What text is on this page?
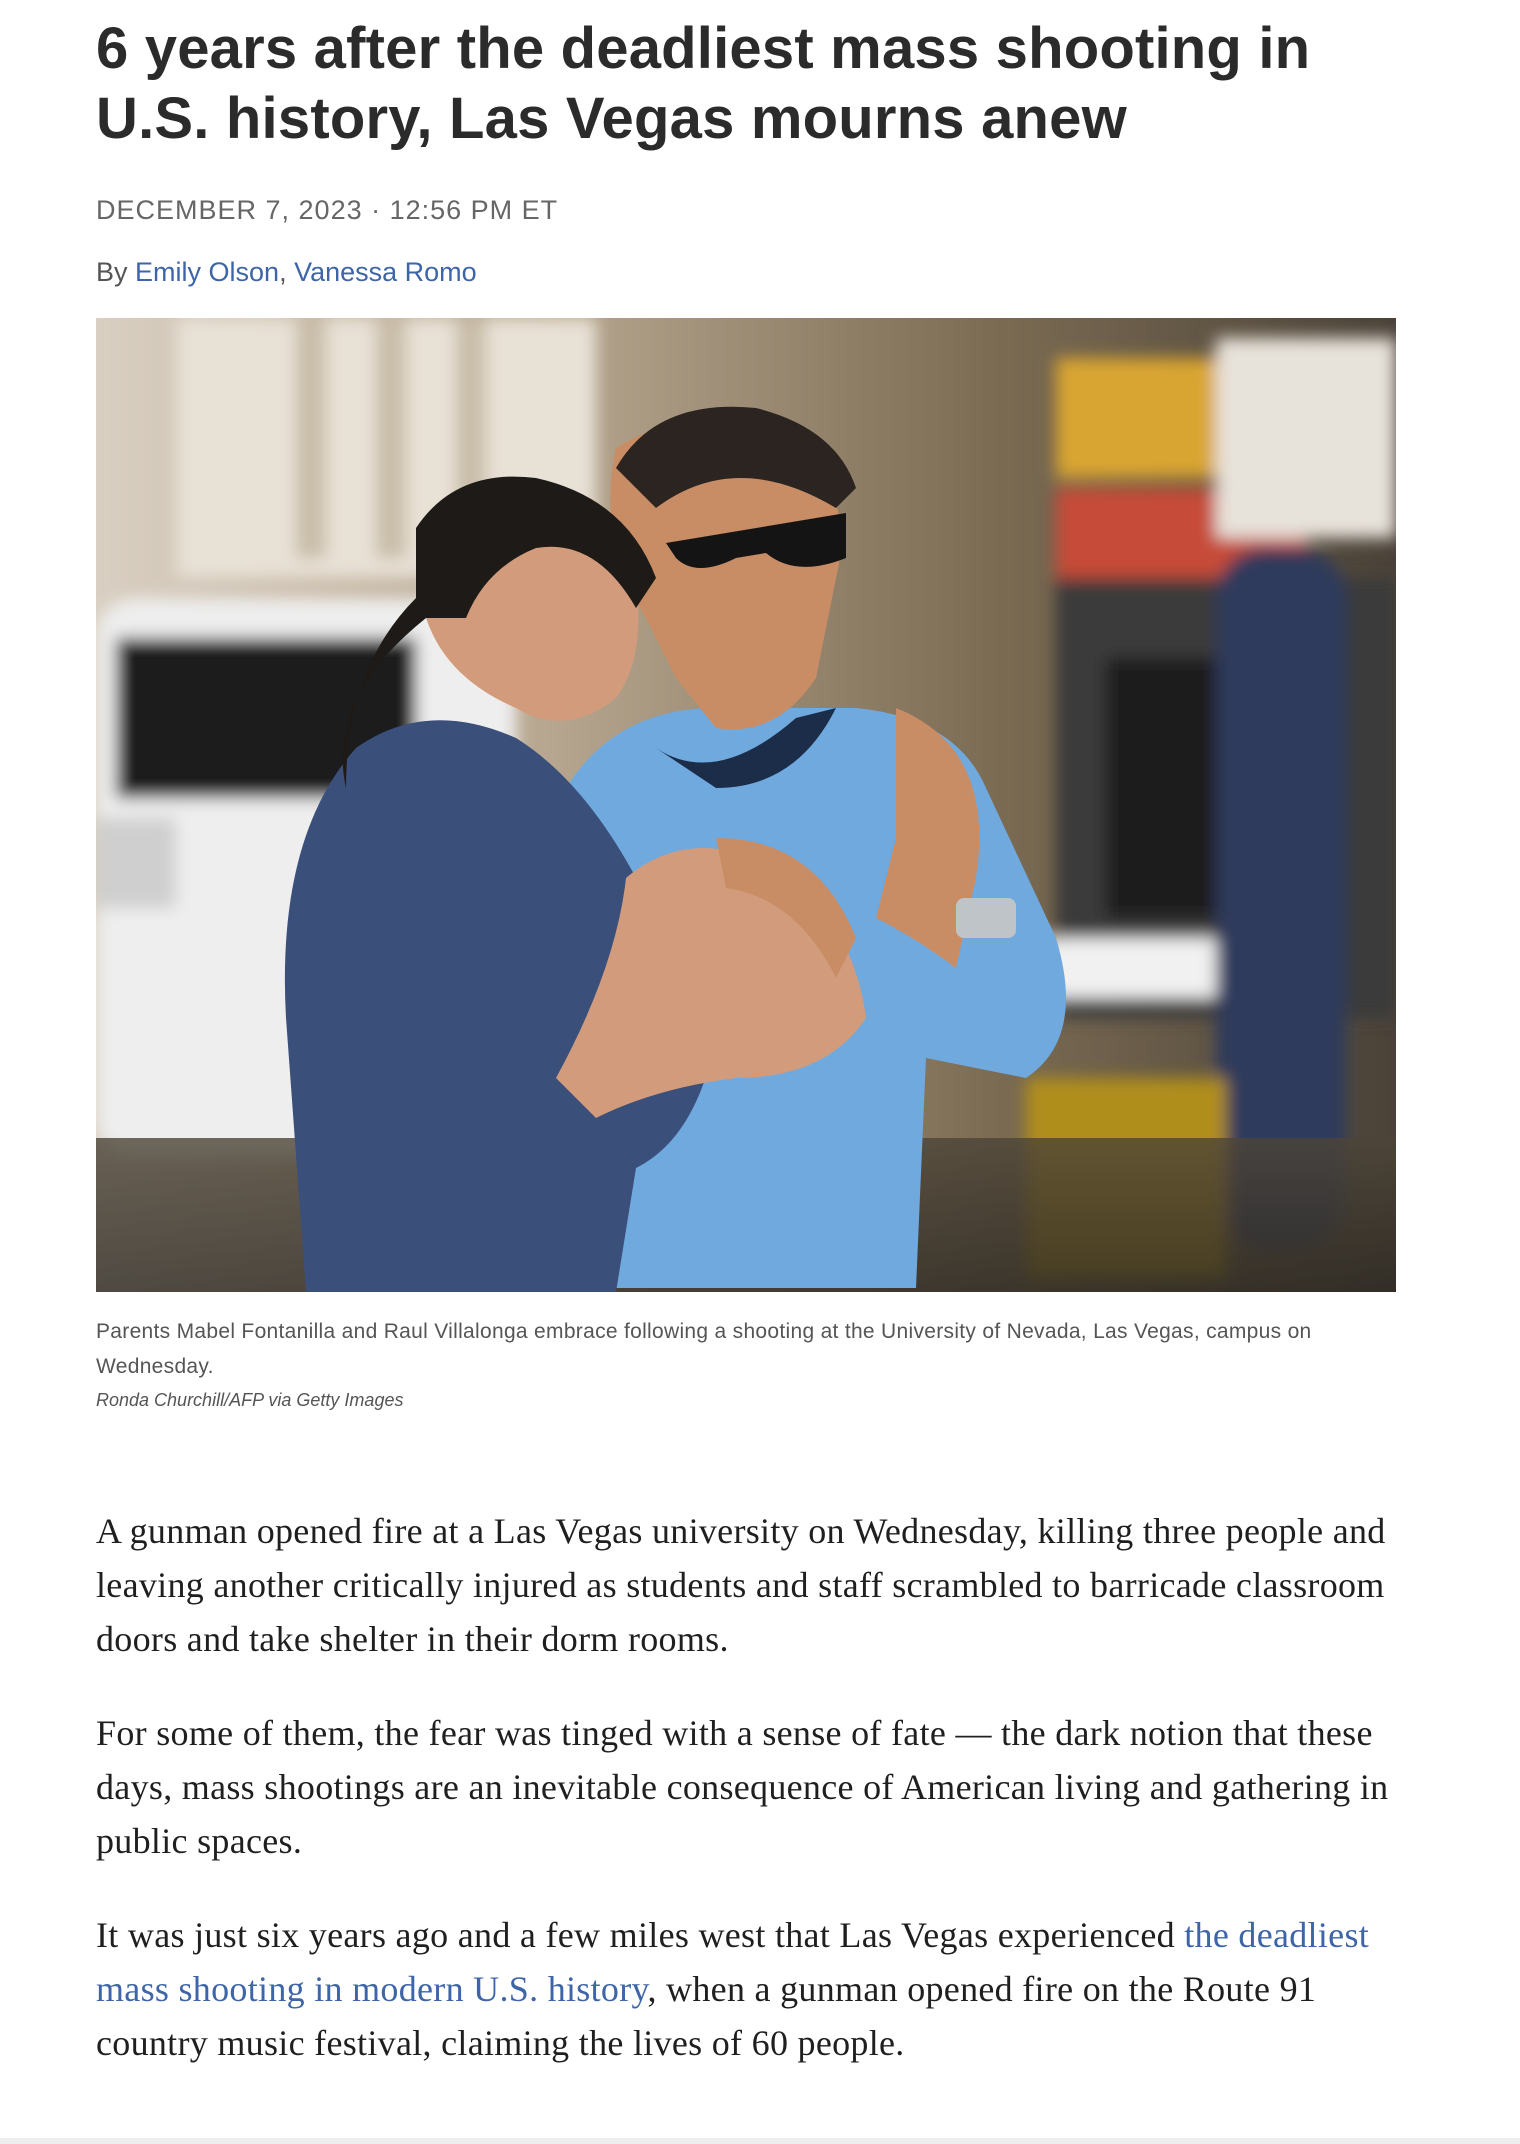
6 years after the deadliest mass shooting in U.S. history, Las Vegas mourns anew
DECEMBER 7, 2023 · 12:56 PM ET
By Emily Olson, Vanessa Romo
Parents Mabel Fontanilla and Raul Villalonga embrace following a shooting at the University of Nevada, Las Vegas, campus on Wednesday.
Ronda Churchill/AFP via Getty Images

A gunman opened fire at a Las Vegas university on Wednesday, killing three people and leaving another critically injured as students and staff scrambled to barricade classroom doors and take shelter in their dorm rooms.

For some of them, the fear was tinged with a sense of fate — the dark notion that these days, mass shootings are an inevitable consequence of American living and gathering in public spaces.

It was just six years ago and a few miles west that Las Vegas experienced the deadliest mass shooting in modern U.S. history, when a gunman opened fire on the Route 91 country music festival, claiming the lives of 60 people.
